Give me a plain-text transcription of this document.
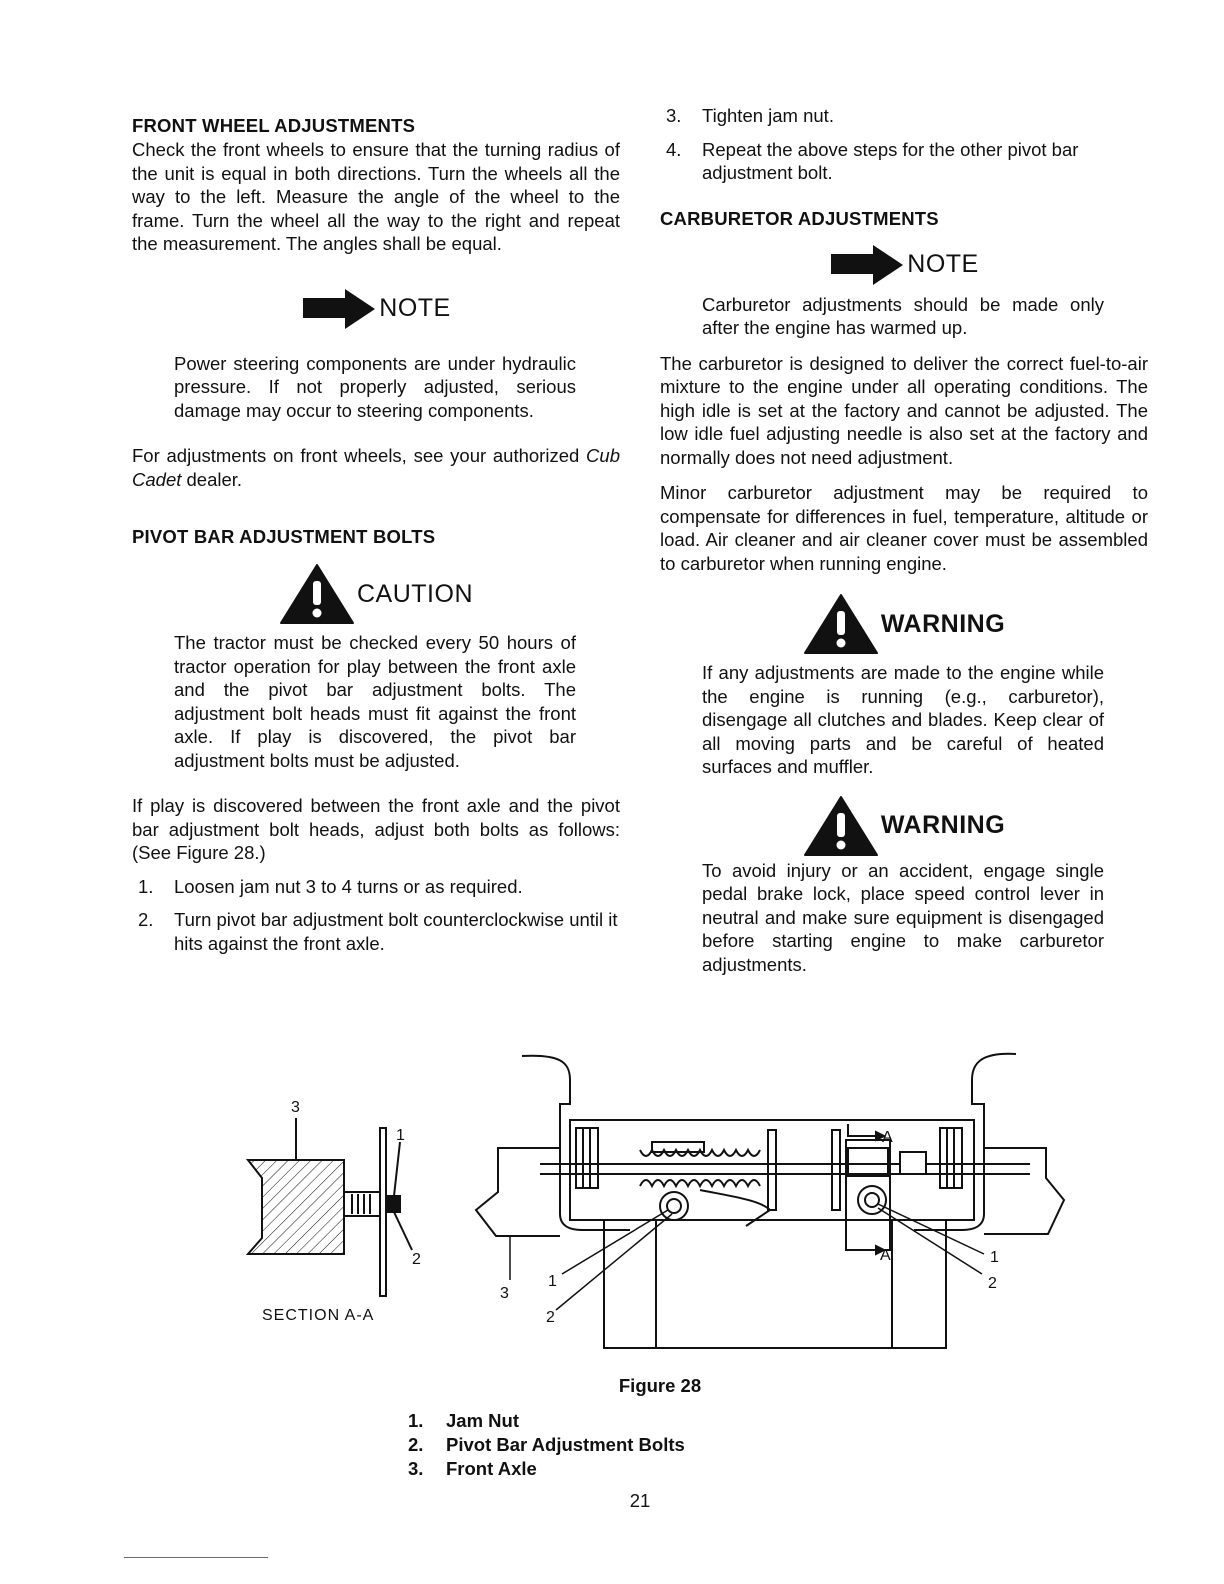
FRONT WHEEL ADJUSTMENTS

Check the front wheels to ensure that the turning radius of the unit is equal in both directions. Turn the wheels all the way to the left. Measure the angle of the wheel to the frame. Turn the wheel all the way to the right and repeat the measurement. The angles shall be equal.

NOTE

Power steering components are under hydraulic pressure. If not properly adjusted, serious damage may occur to steering components.

For adjustments on front wheels, see your authorized Cub Cadet dealer.

PIVOT BAR ADJUSTMENT BOLTS
CAUTION

The tractor must be checked every 50 hours of tractor operation for play between the front axle and the pivot bar adjustment bolts. The adjustment bolt heads must fit against the front axle. If play is discovered, the pivot bar adjustment bolts must be adjusted.

If play is discovered between the front axle and the pivot bar adjustment bolt heads, adjust both bolts as follows: (See Figure 28.)

1.	Loosen jam nut 3 to 4 turns or as required.
2.	Turn pivot bar adjustment bolt counterclockwise until it hits against the front axle.
3.	Tighten jam nut.
4.	Repeat the above steps for the other pivot bar adjustment bolt.
CARBURETOR ADJUSTMENTS
NOTE

Carburetor adjustments should be made only after the engine has warmed up.

The carburetor is designed to deliver the correct fuel-to-air mixture to the engine under all operating conditions. The high idle is set at the factory and cannot be adjusted. The low idle fuel adjusting needle is also set at the factory and normally does not need adjustment.

Minor carburetor adjustment may be required to compensate for differences in fuel, temperature, altitude or load. Air cleaner and air cleaner cover must be assembled to carburetor when running engine.

WARNING

If any adjustments are made to the engine while the engine is running (e.g., carburetor), disengage all clutches and blades. Keep clear of all moving parts and be careful of heated surfaces and muffler.

WARNING

To avoid injury or an accident, engage single pedal brake lock, place speed control lever in neutral and make sure equipment is disengaged before starting engine to make carburetor adjustments.

3
1
2
SECTION A-A
A
A	1
2
3
1
2
Figure 28
1.	Jam Nut
2.	Pivot Bar Adjustment Bolts
3.	Front Axle
21
